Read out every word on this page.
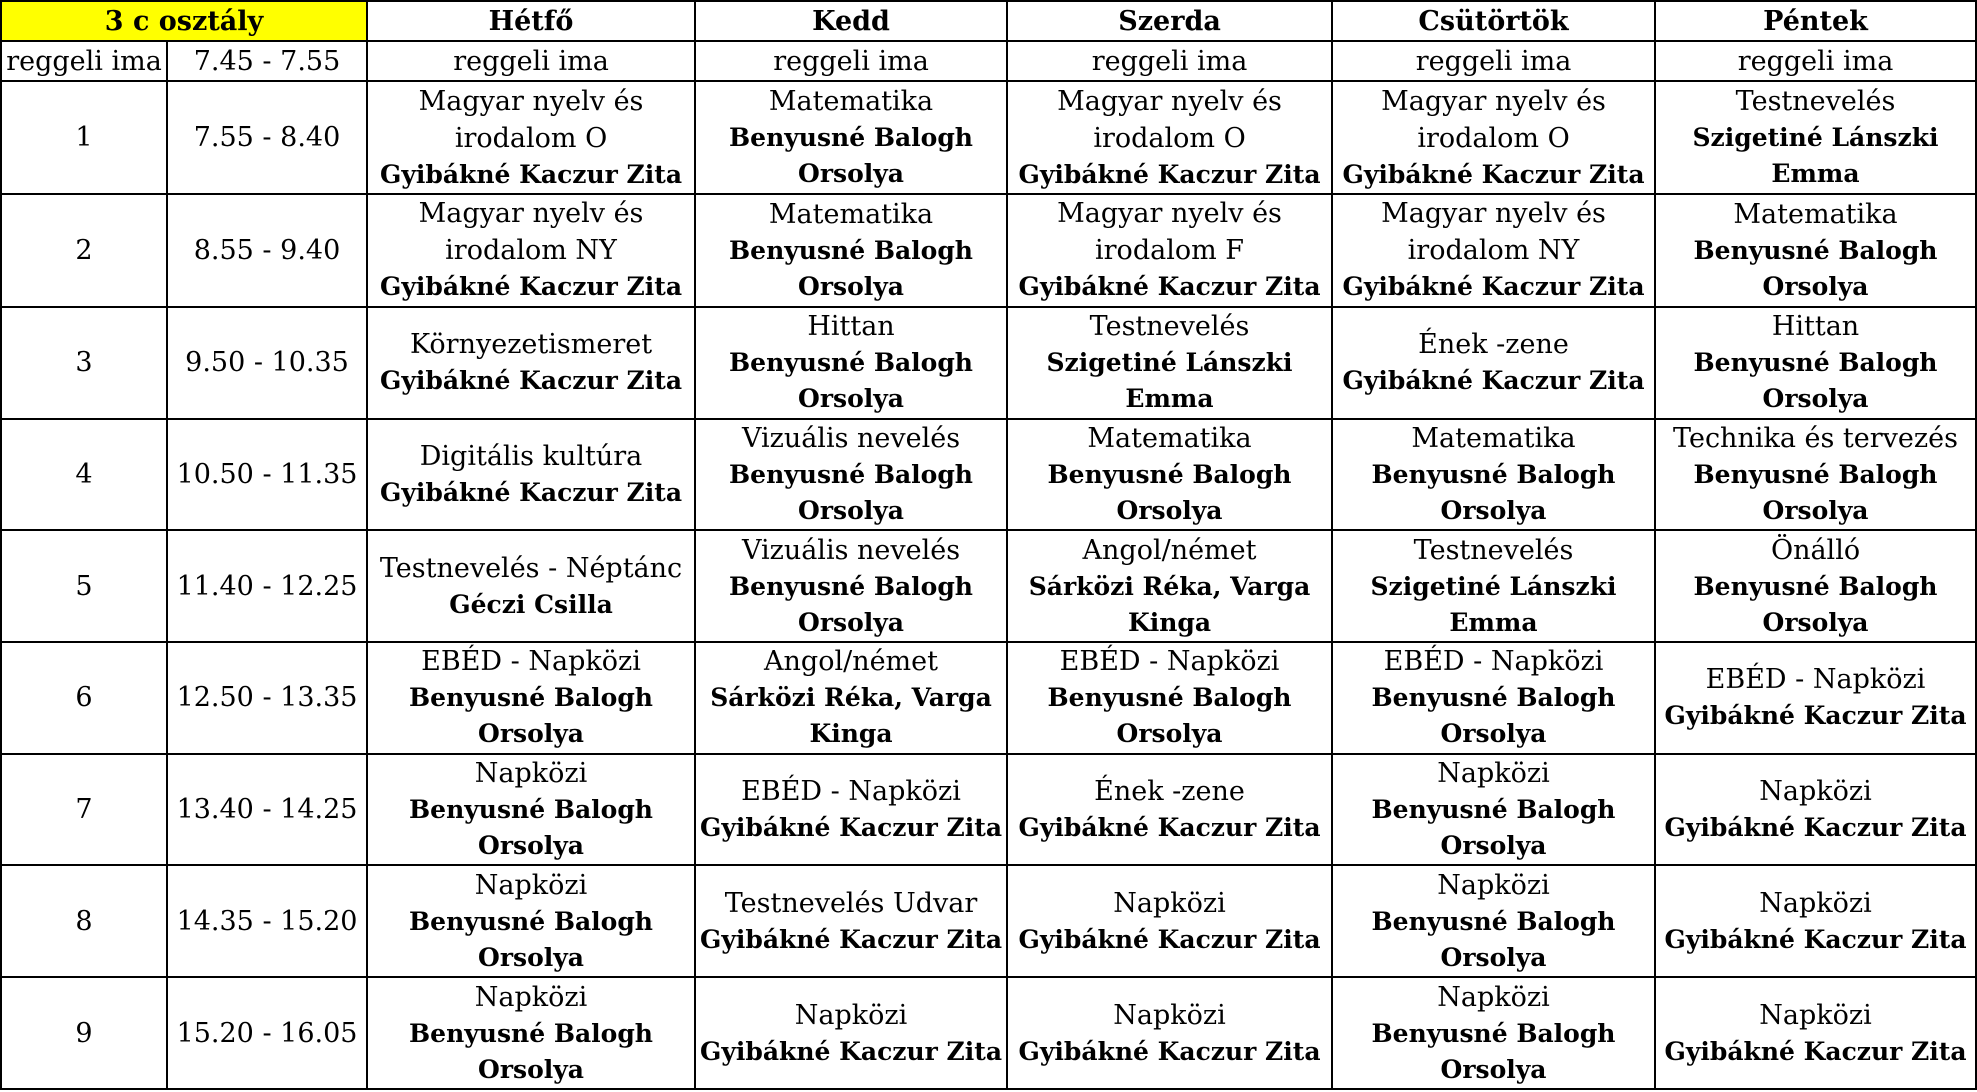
3 c osztály		Hétfő	Kedd	Szerda	Csütörtök	Péntek
reggeli ima	7.45 - 7.55	reggeli ima	reggeli ima	reggeli ima	reggeli ima	reggeli ima
1	7.55 - 8.40	Magyar nyelv és
irodalom O
Gyibákné Kaczur Zita	Matematika
Benyusné Balogh
Orsolya	Magyar nyelv és
irodalom O
Gyibákné Kaczur Zita	Magyar nyelv és
irodalom O
Gyibákné Kaczur Zita	Testnevelés
Szigetiné Lánszki
Emma

2	8.55 - 9.40	Magyar nyelv és
irodalom NY
Gyibákné Kaczur Zita	Matematika
Benyusné Balogh
Orsolya	Magyar nyelv és
irodalom F
Gyibákné Kaczur Zita	Magyar nyelv és
irodalom NY
Gyibákné Kaczur Zita	Matematika
Benyusné Balogh
Orsolya

3	9.50 - 10.35	Környezetismeret
Gyibákné Kaczur Zita	Hittan
Benyusné Balogh
Orsolya	Testnevelés
Szigetiné Lánszki Emma	Ének -zene
Gyibákné Kaczur Zita	Hittan
Benyusné Balogh
Orsolya

4	10.50 - 11.35	Digitális kultúra
Gyibákné Kaczur Zita	Vizuális nevelés
Benyusné Balogh
Orsolya	Matematika
Benyusné Balogh
Orsolya	Matematika
Benyusné Balogh
Orsolya	Technika és tervezés
Benyusné Balogh
Orsolya

5	11.40 - 12.25	Testnevelés - Néptánc
Géczi Csilla	Vizuális nevelés
Benyusné Balogh
Orsolya	Angol/német
Sárközi Réka, Varga
Kinga	Testnevelés
Szigetiné Lánszki Emma	Önálló
Benyusné Balogh
Orsolya

6	12.50 - 13.35	EBÉD - Napközi
Benyusné Balogh
Orsolya	Angol/német
Sárközi Réka, Varga
Kinga	EBÉD - Napközi
Benyusné Balogh
Orsolya	EBÉD - Napközi
Benyusné Balogh
Orsolya	EBÉD - Napközi
Gyibákné Kaczur Zita

7	13.40 - 14.25	Napközi
Benyusné Balogh
Orsolya	EBÉD - Napközi
Gyibákné Kaczur Zita	Ének -zene
Gyibákné Kaczur Zita	Napközi
Benyusné Balogh
Orsolya	Napközi
Gyibákné Kaczur Zita

8	14.35 - 15.20	Napközi
Benyusné Balogh
Orsolya	Testnevelés Udvar
Gyibákné Kaczur Zita	Napközi
Gyibákné Kaczur Zita	Napközi
Benyusné Balogh
Orsolya	Napközi
Gyibákné Kaczur Zita

9	15.20 - 16.05	Napközi
Benyusné Balogh
Orsolya	Napközi
Gyibákné Kaczur Zita	Napközi
Gyibákné Kaczur Zita	Napközi
Benyusné Balogh
Orsolya	Napközi
Gyibákné Kaczur Zita
